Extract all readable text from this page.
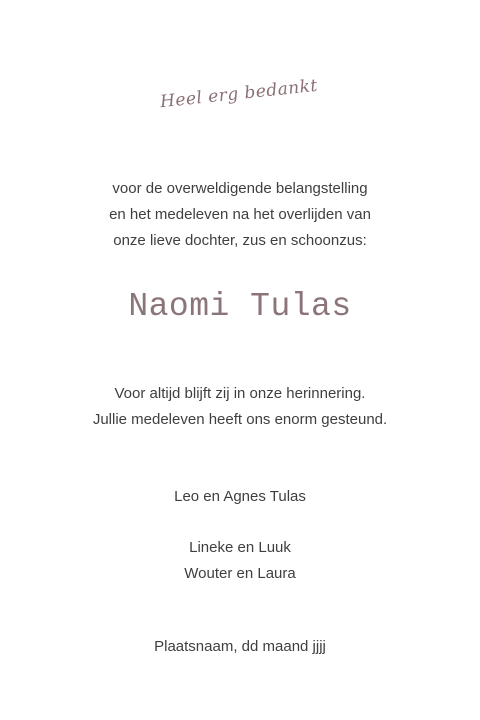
Heel erg bedankt
voor de overweldigende belangstelling
en het medeleven na het overlijden van
onze lieve dochter, zus en schoonzus:
Naomi Tulas
Voor altijd blijft zij in onze herinnering.
Jullie medeleven heeft ons enorm gesteund.
Leo en Agnes Tulas
Lineke en Luuk
Wouter en Laura
Plaatsnaam, dd maand jjjj
